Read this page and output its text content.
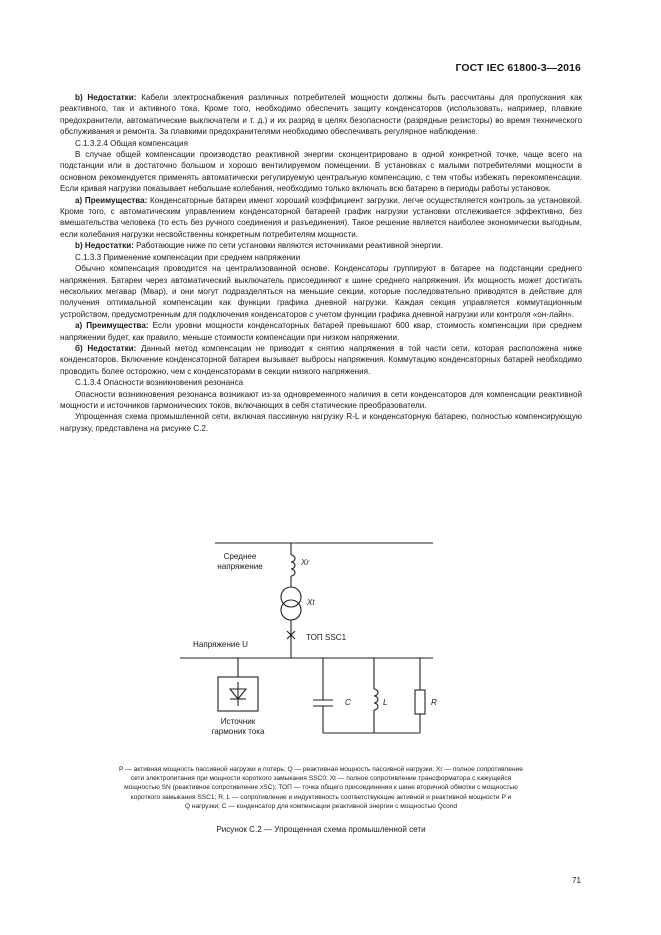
ГОСТ IEC 61800-3—2016

b) Недостатки: Кабели электроснабжения различных потребителей мощности должны быть рассчитаны для пропускания как реактивного, так и активного тока. Кроме того, необходимо обеспечить защиту конденсаторов (использовать, например, плавкие предохранители, автоматические выключатели и т. д.) и их разряд в целях безопасности (разрядные резисторы) во время технического обслуживания и ремонта. За плавкими предохранителями необходимо обеспечивать регулярное наблюдение.

С.1.3.2.4 Общая компенсация

В случае общей компенсации производство реактивной энергии сконцентрировано в одной конкретной точке, чаще всего на подстанции или в достаточно большом и хорошо вентилируемом помещении. В установках с малыми потребителями мощности в основном рекомендуется применять автоматически регулируемую центральную компенсацию, с тем чтобы избежать перекомпенсации. Если кривая нагрузки показывает небольшие колебания, необходимо только включать всю батарею в периоды работы установок.

а) Преимущества: Конденсаторные батареи имеют хороший коэффициент загрузки, легче осуществляется контроль за установкой. Кроме того, с автоматическим управлением конденсаторной батареей график нагрузки установки отслеживается эффективно, без вмешательства человека (то есть без ручного соединения и разъединения). Такое решение является наиболее экономически выгодным, если колебания нагрузки несвойственны конкретным потребителям мощности.

b) Недостатки: Работающие ниже по сети установки являются источниками реактивной энергии.

С.1.3.3 Применение компенсации при среднем напряжении

Обычно компенсация проводится на централизованной основе. Конденсаторы группируют в батарее на подстанции среднего напряжения. Батареи через автоматический выключатель присоединяют к шине среднего напряжения. Их мощность может достигать нескольких мегавар (Мвар), и они могут подразделяться на меньшие секции, которые последовательно приводятся в действие для получения оптимальной компенсации как функции графика дневной нагрузки. Каждая секция управляется коммутационным устройством, предусмотренным для подключения конденсаторов с учетом функции графика дневной нагрузки или контроля «он-лайн».

а) Преимущества: Если уровни мощности конденсаторных батарей превышают 600 квар, стоимость компенсации при среднем напряжении будет, как правило, меньше стоимости компенсации при низком напряжении.

б) Недостатки: Данный метод компенсации не приводит к снятию напряжения в той части сети, которая расположена ниже конденсаторов. Включение конденсаторной батареи вызывает выбросы напряжения. Коммутацию конденсаторных батарей необходимо проводить более осторожно, чем с конденсаторами в секции низкого напряжения.

С.1.3.4 Опасности возникновения резонанса

Опасности возникновения резонанса возникают из-за одновременного наличия в сети конденсаторов для компенсации реактивной мощности и источников гармонических токов, включающих в себя статические преобразователи.

Упрощенная схема промышленной сети, включая пассивную нагрузку R-L и конденсаторную батарею, полностью компенсирующую нагрузку, представлена на рисунке С.2.

Среднее
напряжение	Xr
Xt
Напряжение U
ТОП SSC1
C	L	R
Источник
гармоник тока
P — активная мощность пассивной нагрузки и потерь; Q — реактивная мощность пассивной нагрузки; Xr — полное сопротивление
сети электропитания при мощности короткого замыкания SSC0; Xt — полное сопротивление трансформатора с кажущейся
мощностью SN (реактивное сопротивление xSC); ТОП — точка общего присоединения к шине вторичной обмотки с мощностью
короткого замыкания SSC1; R, L — сопротивление и индуктивность соответствующие активной и реактивной мощности P и
Q нагрузки; C — конденсатор для компенсации реактивной энергии с мощностью Qcond
Рисунок С.2 — Упрощенная схема промышленной сети
71
